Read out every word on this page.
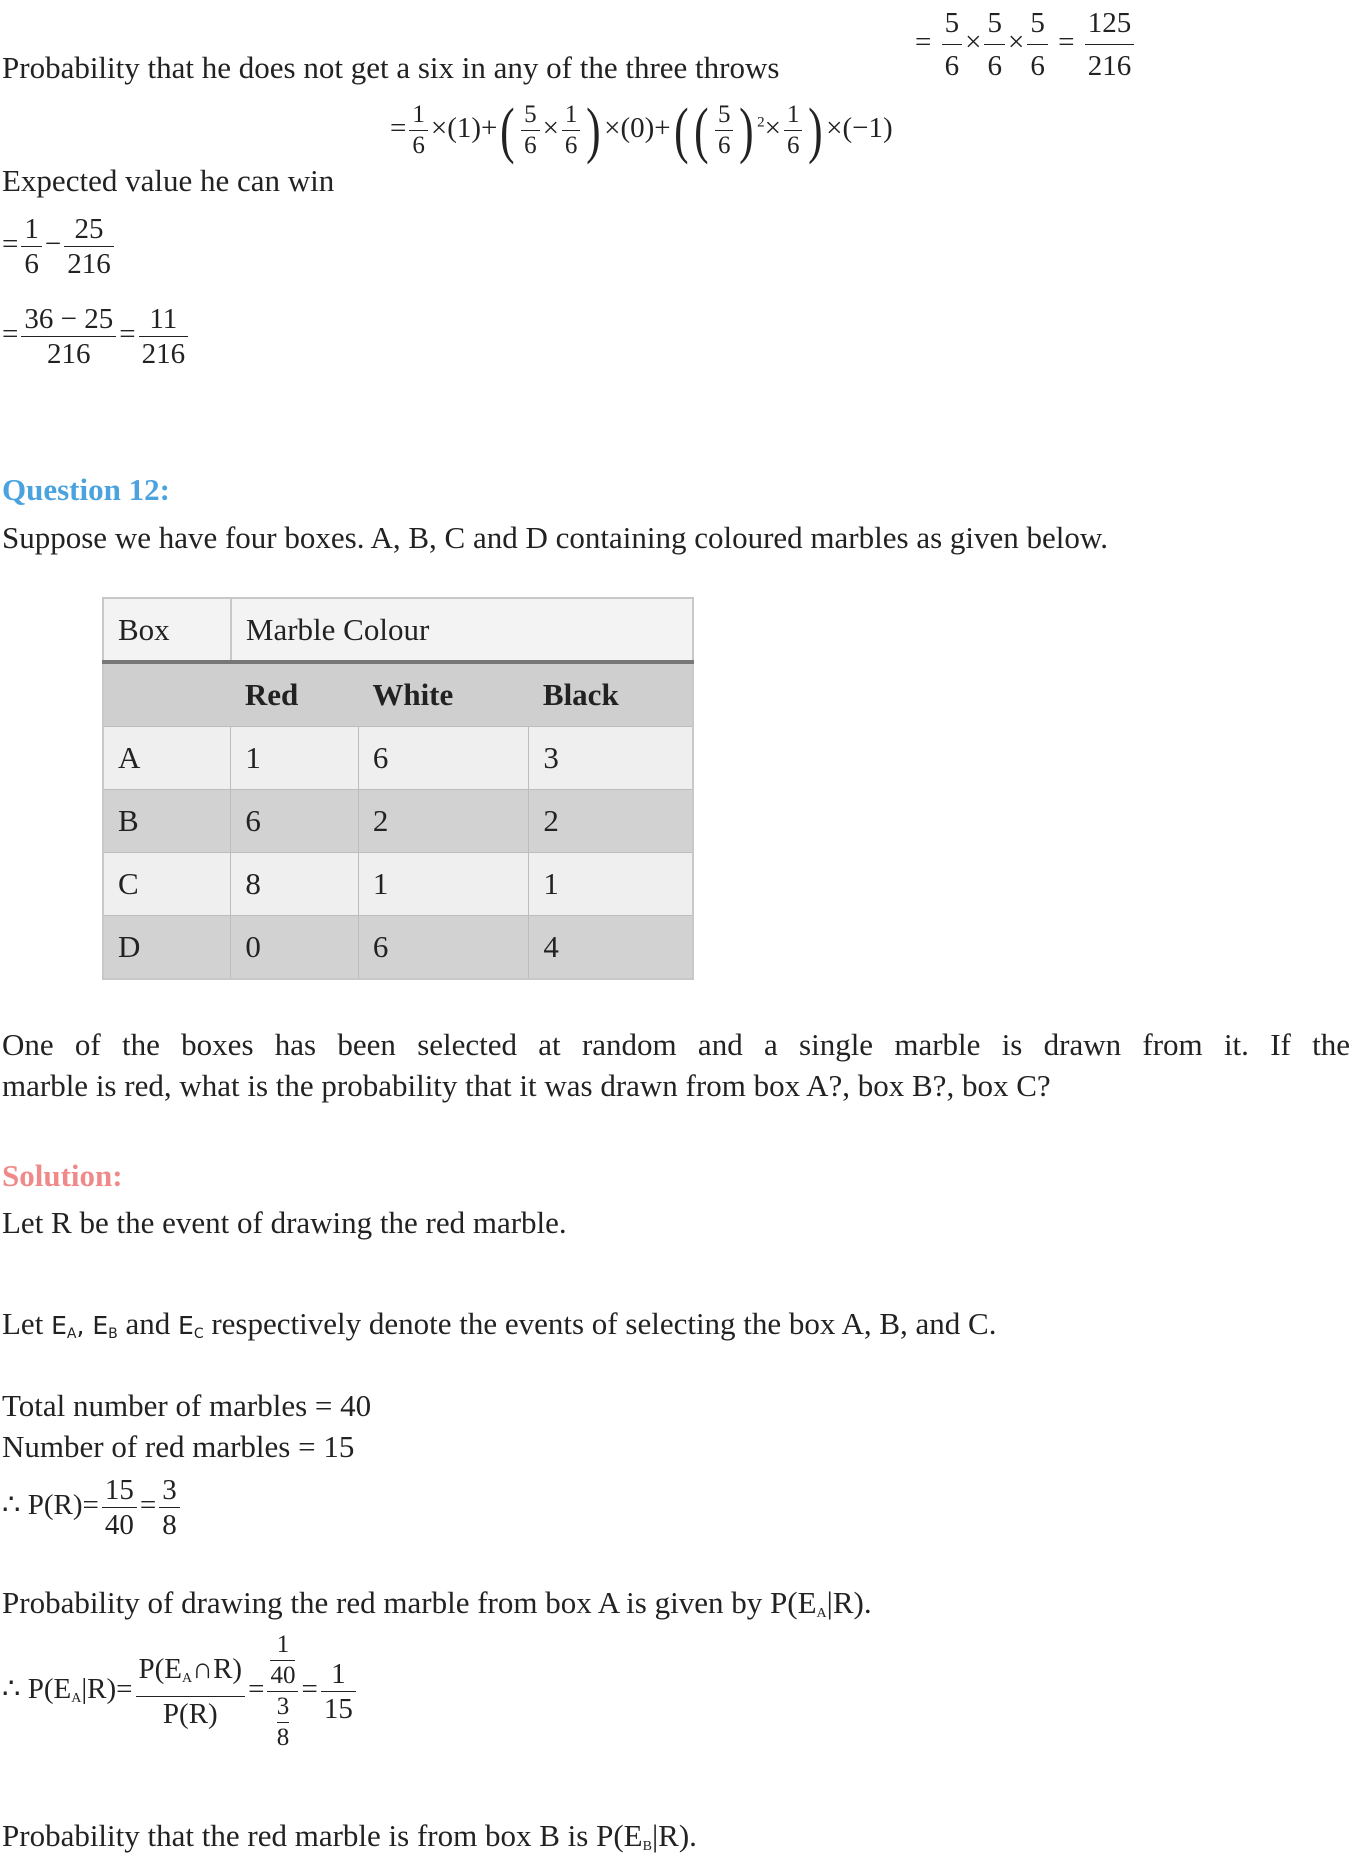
Probability that he does not get a six in any of the three throws
= $\frac{5}{6} \times \frac{5}{6} \times \frac{5}{6} = \frac{125}{216}$
= $\frac{1}{6} \times(1)+( \frac{5}{6} \times \frac{1}{6}$ ) $\times(0)+(( \frac{5}{6}$ ) $^2\times \frac{1}{6}$ ) ×(−1)
Expected value he can win
= $\frac{1}{6} - \frac{25}{216}$
= $\frac{36 - 25}{216} = \frac{11}{216}$
Question 12:
Suppose we have four boxes. A, B, C and D containing coloured marbles as given below.
Box	Marble Colour		
	Red	White	Black
A	1	6	3
B	6	2	2
C	8	1	1
D	0	6	4
One of the boxes has been selected at random and a single marble is drawn from it. If the
marble is red, what is the probability that it was drawn from box A?, box B?, box C?
Solution:
Let R be the event of drawing the red marble.
Let $E_A$, $E_B$ and $E_C$ respectively denote the events of selecting the box A, B, and C.
Total number of marbles = 40
Number of red marbles = 15
∴ $P(R)= \frac{15}{40} = \frac{3}{8}$
Probability of drawing the red marble from box A is given by $P(E_A|R)$.
∴ $P(E_A|R)= \frac{P(E_A\cap R)}{P(R)} = \frac{\frac{1}{40}}{\frac{3}{8}} = \frac{1}{15}$
Probability that the red marble is from box B is $P(E_B|R)$.
